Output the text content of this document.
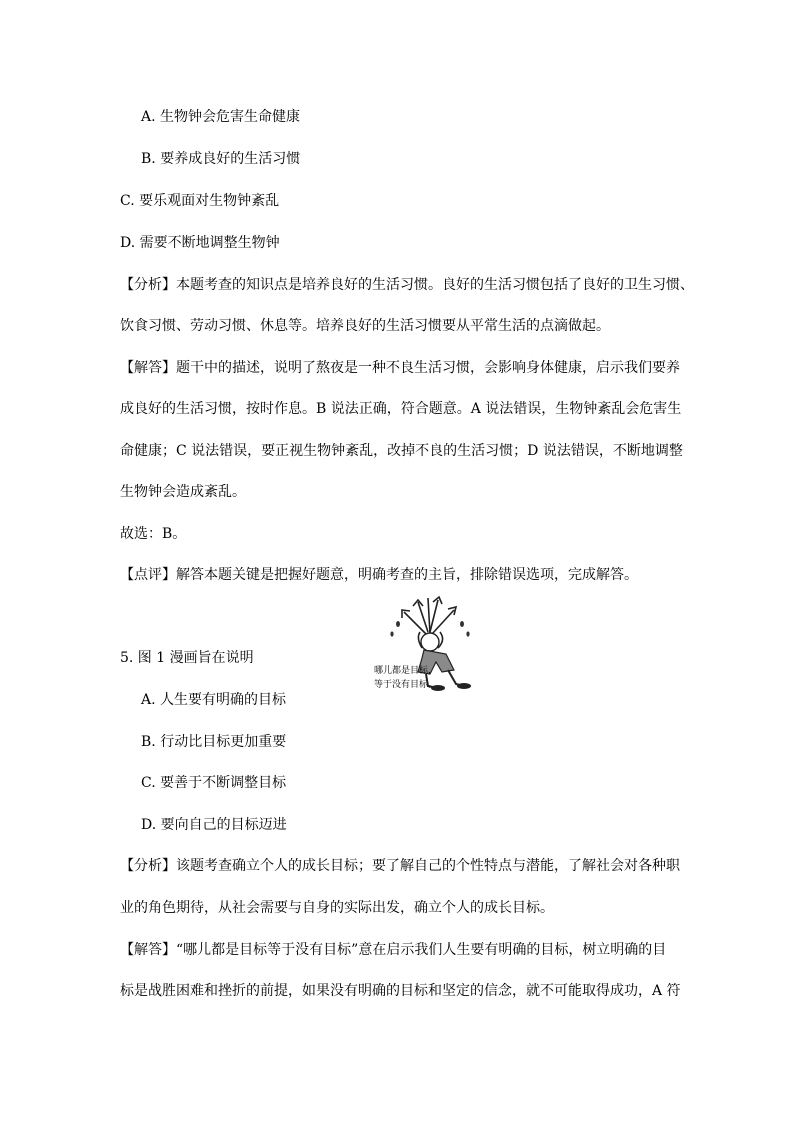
A. 生物钟会危害生命健康
B. 要养成良好的生活习惯
C. 要乐观面对生物钟紊乱
D. 需要不断地调整生物钟
【分析】本题考查的知识点是培养良好的生活习惯。良好的生活习惯包括了良好的卫生习惯、
饮食习惯、劳动习惯、休息等。培养良好的生活习惯要从平常生活的点滴做起。
【解答】题干中的描述，说明了熬夜是一种不良生活习惯，会影响身体健康，启示我们要养
成良好的生活习惯，按时作息。B 说法正确，符合题意。A 说法错误，生物钟紊乱会危害生
命健康；C 说法错误，要正视生物钟紊乱，改掉不良的生活习惯；D 说法错误，不断地调整
生物钟会造成紊乱。
故选：B。
【点评】解答本题关键是把握好题意，明确考查的主旨，排除错误选项，完成解答。
哪儿都是目标，
等于没有目标。
5. 图 1 漫画旨在说明
A. 人生要有明确的目标
B. 行动比目标更加重要
C. 要善于不断调整目标
D. 要向自己的目标迈进
【分析】该题考查确立个人的成长目标；要了解自己的个性特点与潜能，了解社会对各种职
业的角色期待，从社会需要与自身的实际出发，确立个人的成长目标。
【解答】“哪儿都是目标等于没有目标”意在启示我们人生要有明确的目标，树立明确的目
标是战胜困难和挫折的前提，如果没有明确的目标和坚定的信念，就不可能取得成功，A 符
